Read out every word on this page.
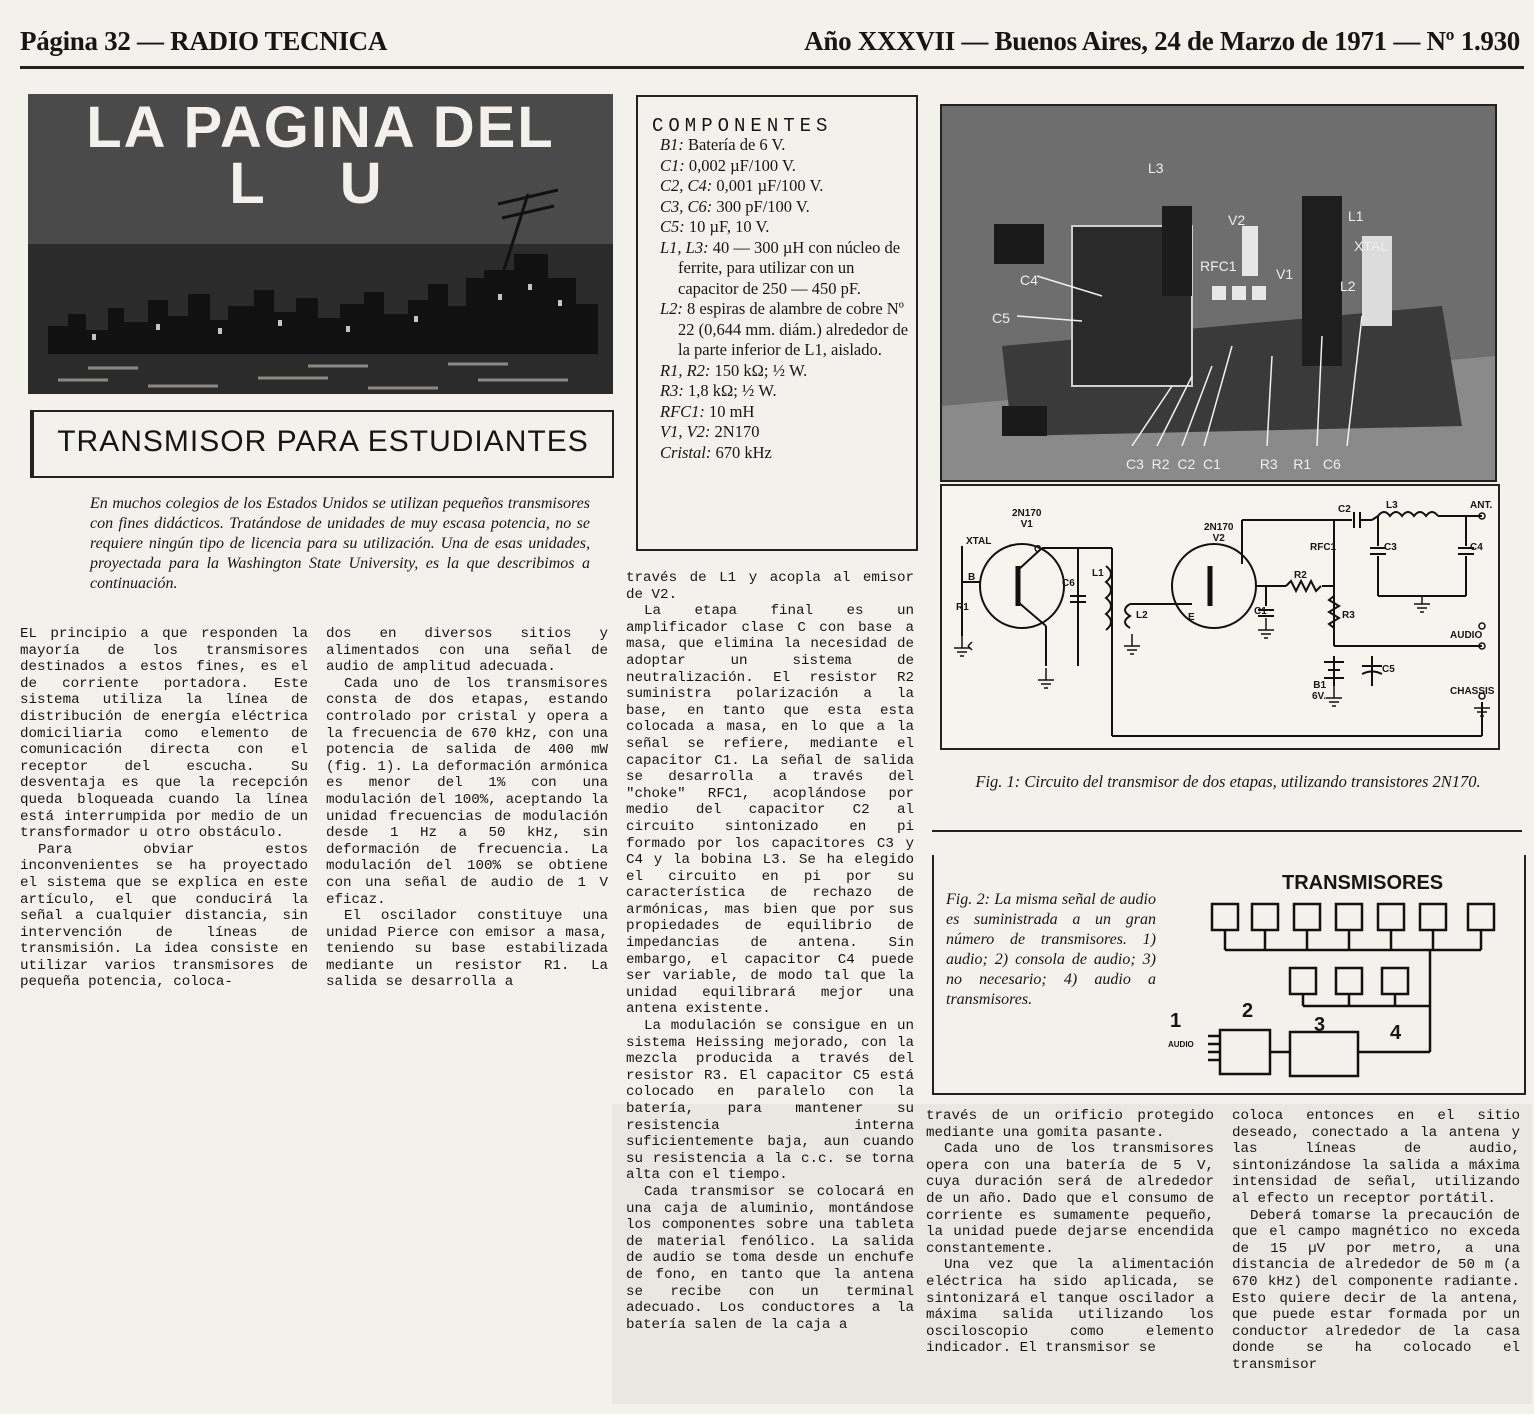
Página 32 — RADIO TECNICA	Año XXXVII — Buenos Aires, 24 de Marzo de 1971 — Nº 1.930
LA PAGINA DEL
L U
TRANSMISOR PARA ESTUDIANTES
En muchos colegios de los Estados Unidos se utilizan pequeños transmisores con fines didácticos. Tratándose de unidades de muy escasa potencia, no se requiere ningún tipo de licencia para su utilización. Una de esas unidades, proyectada para la Washington State University, es la que describimos a continuación.

EL principio a que responden la mayoría de los transmisores destinados a estos fines, es el de corriente portadora. Este sistema utiliza la línea de distribución de energía eléctrica domiciliaria como elemento de comunicación directa con el receptor del escucha. Su desventaja es que la recepción queda bloqueada cuando la línea está interrumpida por medio de un transformador u otro obstáculo.

Para obviar estos inconvenientes se ha proyectado el sistema que se explica en este artículo, el que conducirá la señal a cualquier distancia, sin intervención de líneas de transmisión. La idea consiste en utilizar varios transmisores de pequeña potencia, coloca-

dos en diversos sitios y alimentados con una señal de audio de amplitud adecuada.

Cada uno de los transmisores consta de dos etapas, estando controlado por cristal y opera a la frecuencia de 670 kHz, con una potencia de salida de 400 mW (fig. 1). La deformación armónica es menor del 1% con una modulación del 100%, aceptando la unidad frecuencias de modulación desde 1 Hz a 50 kHz, sin deformación de frecuencia. La modulación del 100% se obtiene con una señal de audio de 1 V eficaz.

El oscilador constituye una unidad Pierce con emisor a masa, teniendo su base estabilizada mediante un resistor R1. La salida se desarrolla a

COMPONENTES
B1: Batería de 6 V.
C1: 0,002 µF/100 V.
C2, C4: 0,001 µF/100 V.
C3, C6: 300 pF/100 V.
C5: 10 µF, 10 V.
L1, L3: 40 — 300 µH con núcleo de ferrite, para utilizar con un capacitor de 250 — 450 pF.
L2: 8 espiras de alambre de cobre Nº 22 (0,644 mm. diám.) alrededor de la parte inferior de L1, aislado.
R1, R2: 150 kΩ; ½ W.
R3: 1,8 kΩ; ½ W.
RFC1: 10 mH
V1, V2: 2N170
Cristal: 670 kHz

través de L1 y acopla al emisor de V2.

La etapa final es un amplificador clase C con base a masa, que elimina la necesidad de adoptar un sistema de neutralización. El resistor R2 suministra polarización a la base, en tanto que esta esta colocada a masa, en lo que a la señal se refiere, mediante el capacitor C1. La señal de salida se desarrolla a través del "choke" RFC1, acoplándose por medio del capacitor C2 al circuito sintonizado en pi formado por los capacitores C3 y C4 y la bobina L3. Se ha elegido el circuito en pi por su característica de rechazo de armónicas, mas bien que por sus propiedades de equilibrio de impedancias de antena. Sin embargo, el capacitor C4 puede ser variable, de modo tal que la unidad equilibrará mejor una antena existente.

La modulación se consigue en un sistema Heissing mejorado, con la mezcla producida a través del resistor R3. El capacitor C5 está colocado en paralelo con la batería, para mantener su resistencia interna suficientemente baja, aun cuando su resistencia a la c.c. se torna alta con el tiempo.

Cada transmisor se colocará en una caja de aluminio, montándose los componentes sobre una tableta de material fenólico. La salida de audio se toma desde un enchufe de fono, en tanto que la antena se recibe con un terminal adecuado. Los conductores a la batería salen de la caja a

través de un orificio protegido mediante una gomita pasante.

Cada uno de los transmisores opera con una batería de 5 V, cuya duración será de alrededor de un año. Dado que el consumo de corriente es sumamente pequeño, la unidad puede dejarse encendida constantemente.

Una vez que la alimentación eléctrica ha sido aplicada, se sintonizará el tanque oscilador a máxima salida utilizando los osciloscopio como elemento indicador. El transmisor se

coloca entonces en el sitio deseado, conectado a la antena y las líneas de audio, sintonizándose la salida a máxima intensidad de señal, utilizando al efecto un receptor portátil.

Deberá tomarse la precaución de que el campo magnético no exceda de 15 µV por metro, a una distancia de alrededor de 50 m (a 670 kHz) del componente radiante. Esto quiere decir de la antena, que puede estar formada por un conductor alrededor de la casa donde se ha colocado el transmisor

L3
V2	L1
XTAL
RFC1	V1
L2
C4
C5
C3  R2  C2  C1          R3    R1   C6
2N170
V1	2N170
V2
XTAL
R1
C6
L1
L2	C1
R2
R3
RFC1
C2	L3
C3	C4
C5
B1
6V.
ANT.
AUDIO
CHASSIS
B
C
E
Fig. 1: Circuito del transmisor de dos etapas, utilizando transistores 2N170.
Fig. 2: La misma señal de audio es suministrada a un gran número de transmisores. 1) audio; 2) consola de audio; 3) no necesario; 4) audio a transmisores.
TRANSMISORES
1	2
3	4
AUDIO
